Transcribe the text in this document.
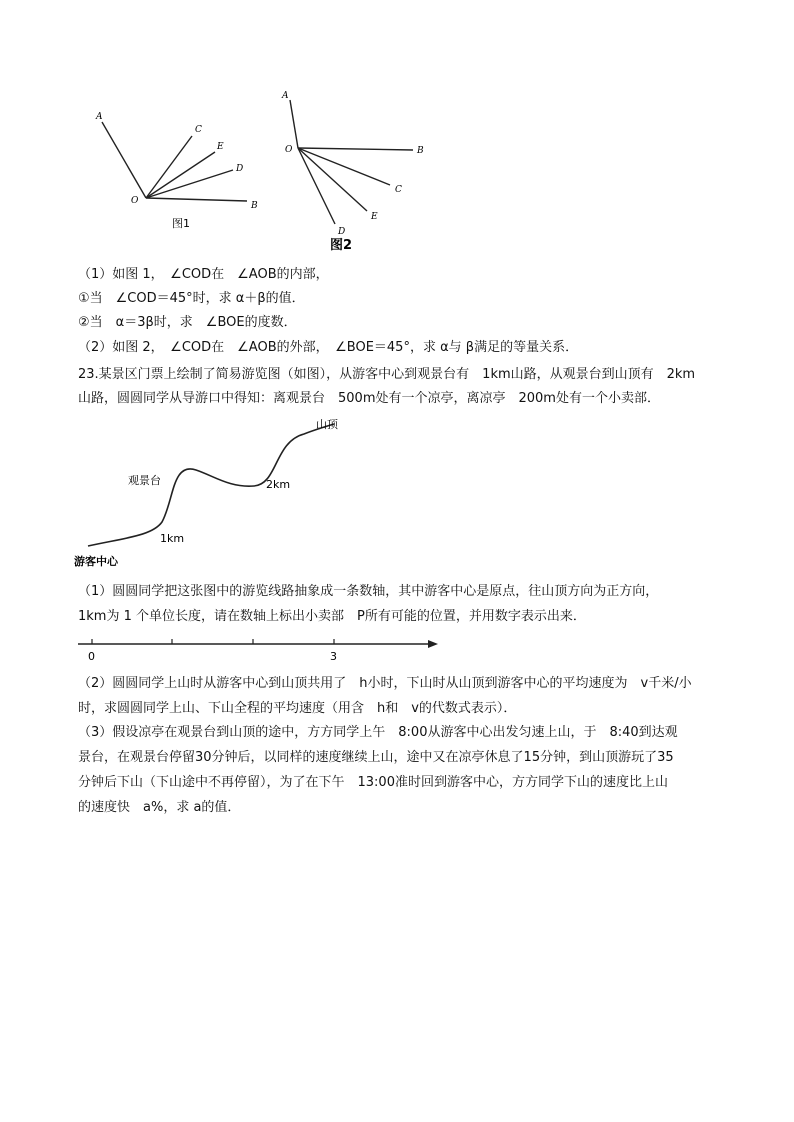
A
C
E
D
O	B
图1
A
O	B
C
E
D
图2
（1）如图 1，　∠COD在　∠AOB的内部，
①当　∠COD＝45°时，求 α＋β的值．
②当　α＝3β时，求　∠BOE的度数．
（2）如图 2，　∠COD在　∠AOB的外部，　∠BOE＝45°，求 α与 β满足的等量关系．
23.某景区门票上绘制了简易游览图（如图），从游客中心到观景台有　1km山路，从观景台到山顶有　2km
山路，圆圆同学从导游口中得知：离观景台　500m处有一个凉亭，离凉亭　200m处有一个小卖部．
山顶
观景台	2km
1km
游客中心
（1）圆圆同学把这张图中的游览线路抽象成一条数轴，其中游客中心是原点，往山顶方向为正方向，
1km为 1 个单位长度，请在数轴上标出小卖部　P所有可能的位置，并用数字表示出来．
0	3
（2）圆圆同学上山时从游客中心到山顶共用了　h小时，下山时从山顶到游客中心的平均速度为　v千米/小
时，求圆圆同学上山、下山全程的平均速度（用含　h和　v的代数式表示）．
（3）假设凉亭在观景台到山顶的途中，方方同学上午　8:00从游客中心出发匀速上山，于　8:40到达观
景台，在观景台停留30分钟后，以同样的速度继续上山，途中又在凉亭休息了15分钟，到山顶游玩了35
分钟后下山（下山途中不再停留），为了在下午　13:00准时回到游客中心，方方同学下山的速度比上山
的速度快　a%，求 a的值．
